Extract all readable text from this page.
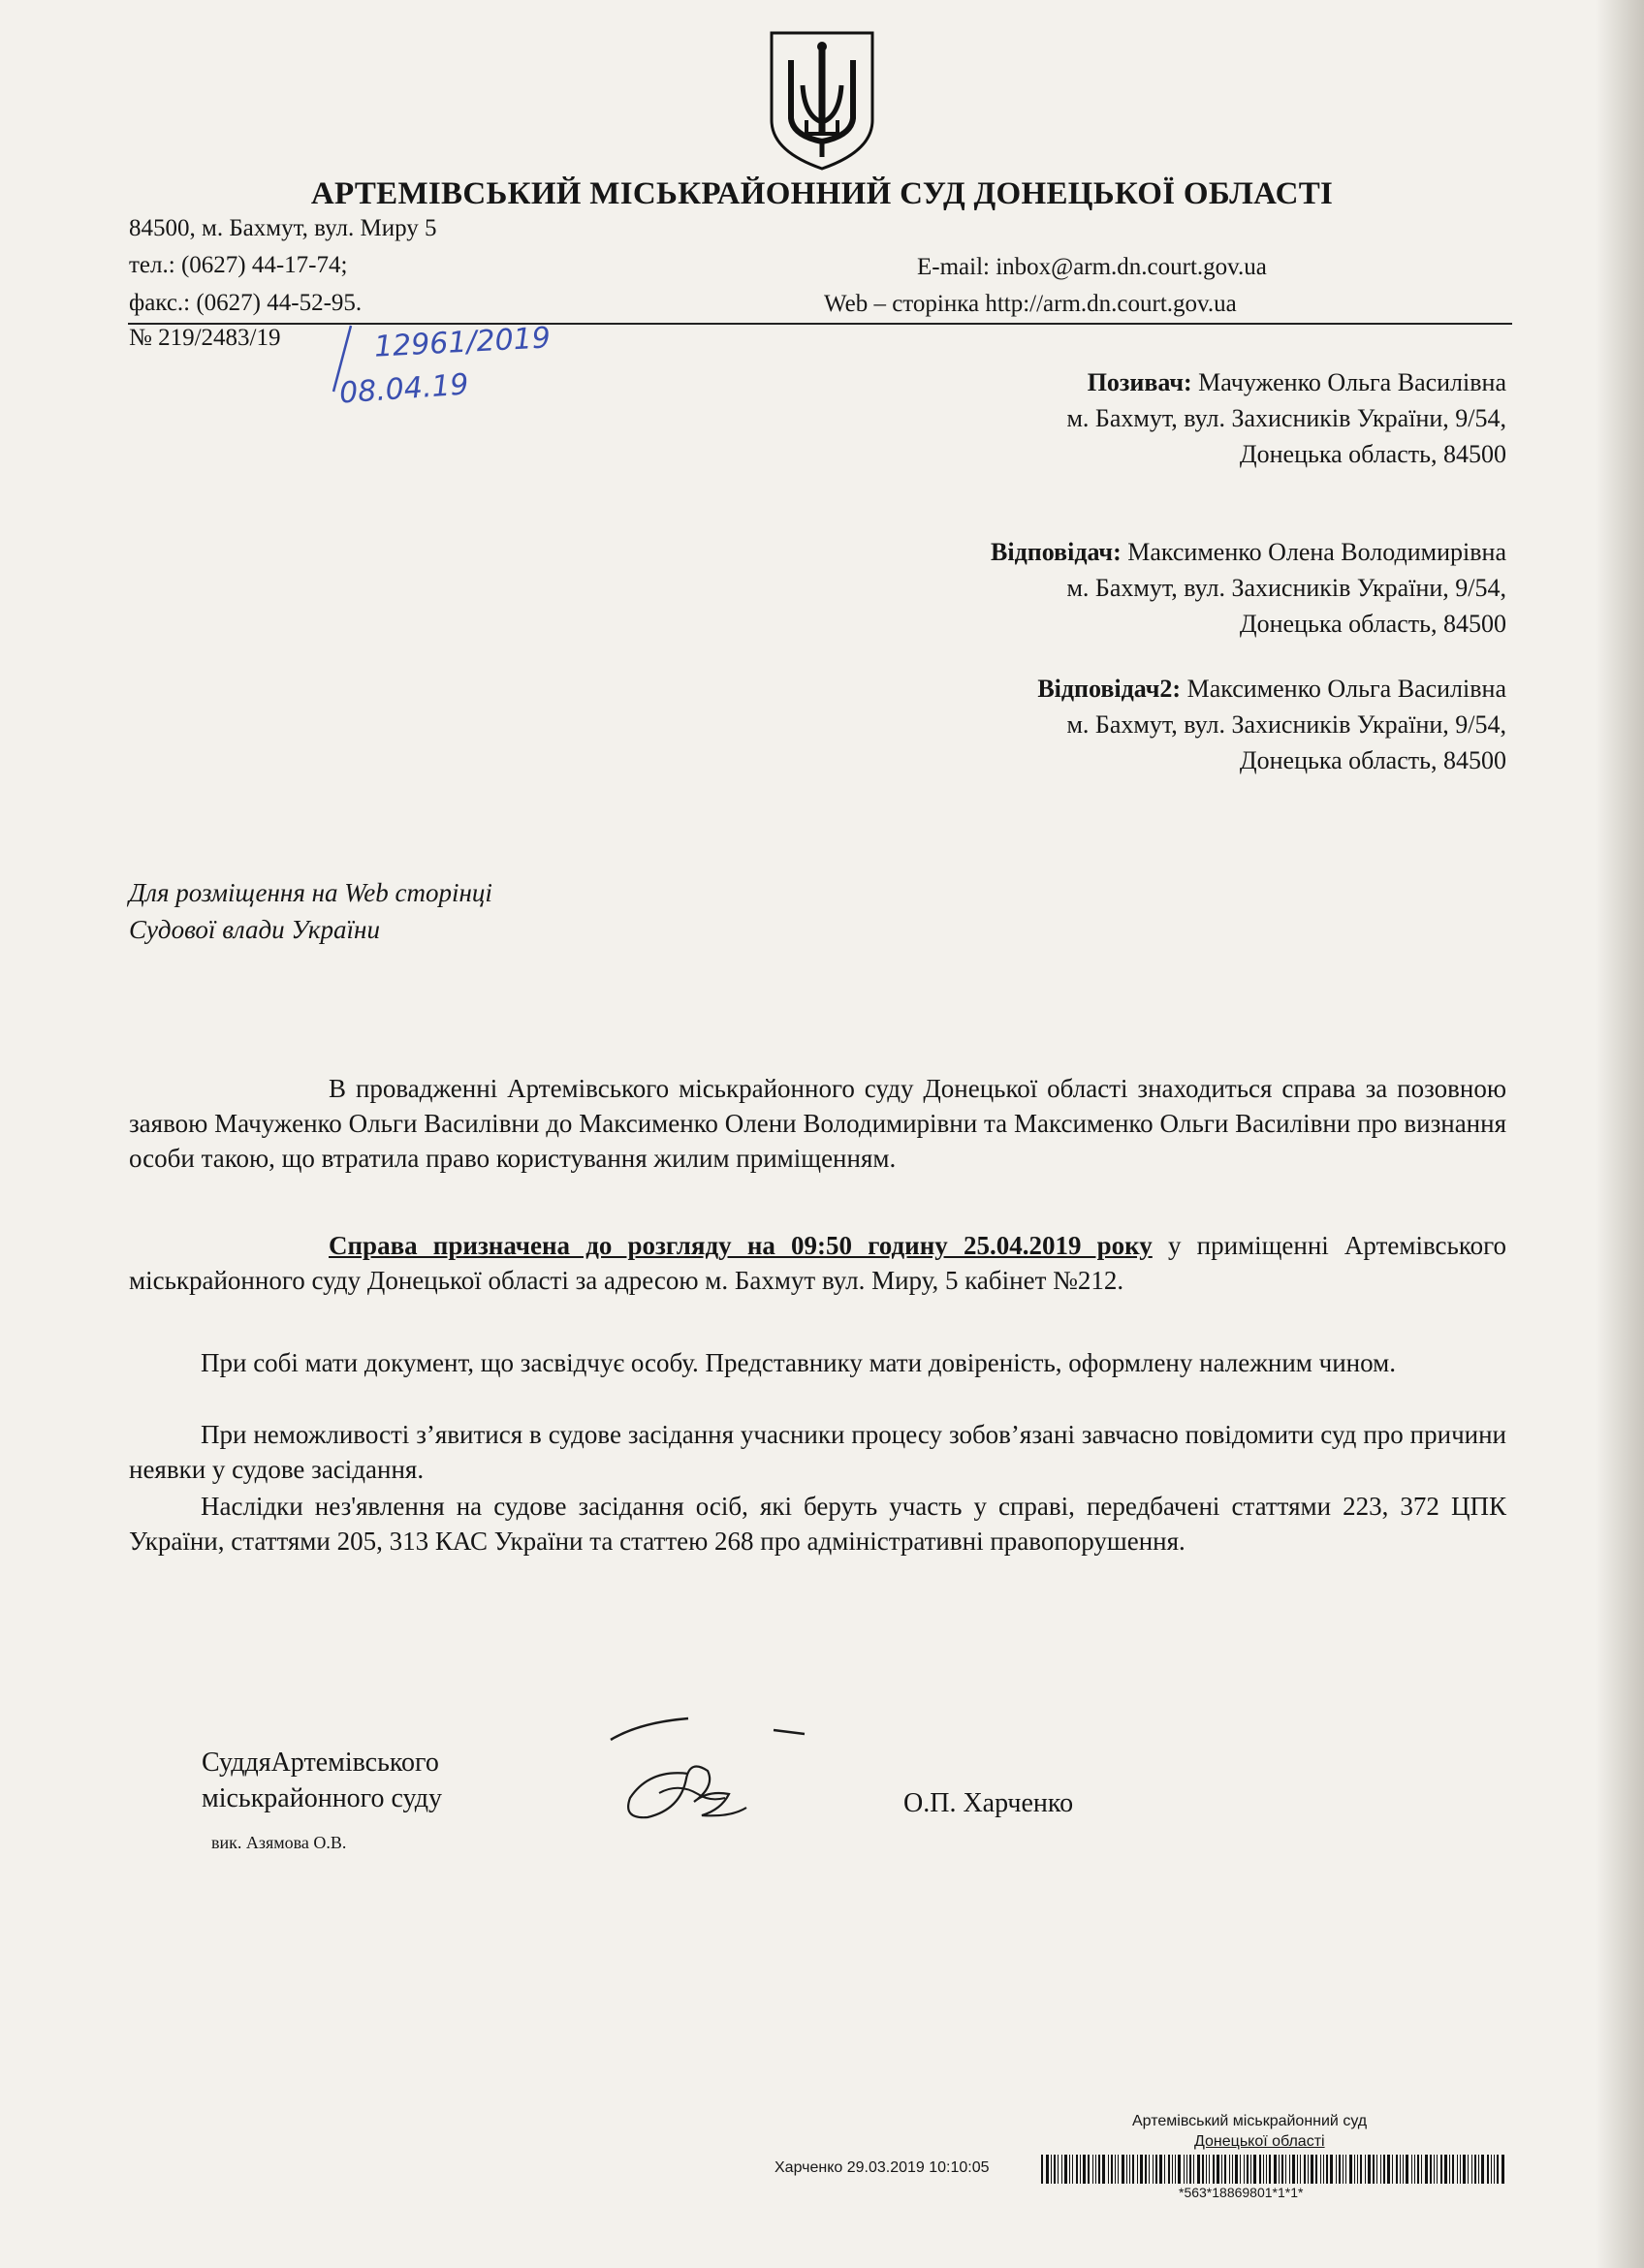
АРТЕМІВСЬКИЙ МІСЬКРАЙОННИЙ СУД ДОНЕЦЬКОЇ ОБЛАСТІ
84500, м. Бахмут, вул. Миру 5
тел.: (0627) 44-17-74;
факс.: (0627) 44-52-95.
E-mail: inbox@arm.dn.court.gov.ua
Web – сторінка http://arm.dn.court.gov.ua
№ 219/2483/19	12961/2019
08.04.19	Позивач: Мачуженко Ольга Василівна
м. Бахмут, вул. Захисників України, 9/54,
Донецька область, 84500
Відповідач: Максименко Олена Володимирівна
м. Бахмут, вул. Захисників України, 9/54,
Донецька область, 84500
Відповідач2: Максименко Ольга Василівна
м. Бахмут, вул. Захисників України, 9/54,
Донецька область, 84500
Для розміщення на Web сторінці
Судової влади України
В провадженні Артемівського міськрайонного суду Донецької області знаходиться справа за позовною заявою Мачуженко Ольги Василівни до Максименко Олени Володимирівни та Максименко Ольги Василівни про визнання особи такою, що втратила право користування жилим приміщенням.
Справа призначена до розгляду на 09:50 годину 25.04.2019 року у приміщенні Артемівського міськрайонного суду Донецької області за адресою м. Бахмут вул. Миру, 5 кабінет №212.
При собі мати документ, що засвідчує особу. Представнику мати довіреність, оформлену належним чином.
При неможливості з’явитися в судове засідання учасники процесу зобов’язані завчасно повідомити суд про причини неявки у судове засідання.
Наслідки нез'явлення на судове засідання осіб, які беруть участь у справі, передбачені статтями 223, 372 ЦПК України, статтями 205, 313 КАС України та статтею 268 про адміністративні правопорушення.
СуддяАртемівського
міськрайонного суду
вик. Азямова О.В.
О.П. Харченко
Артемівський міськрайонний суд
Донецької області
Харченко 29.03.2019 10:10:05
*563*18869801*1*1*
